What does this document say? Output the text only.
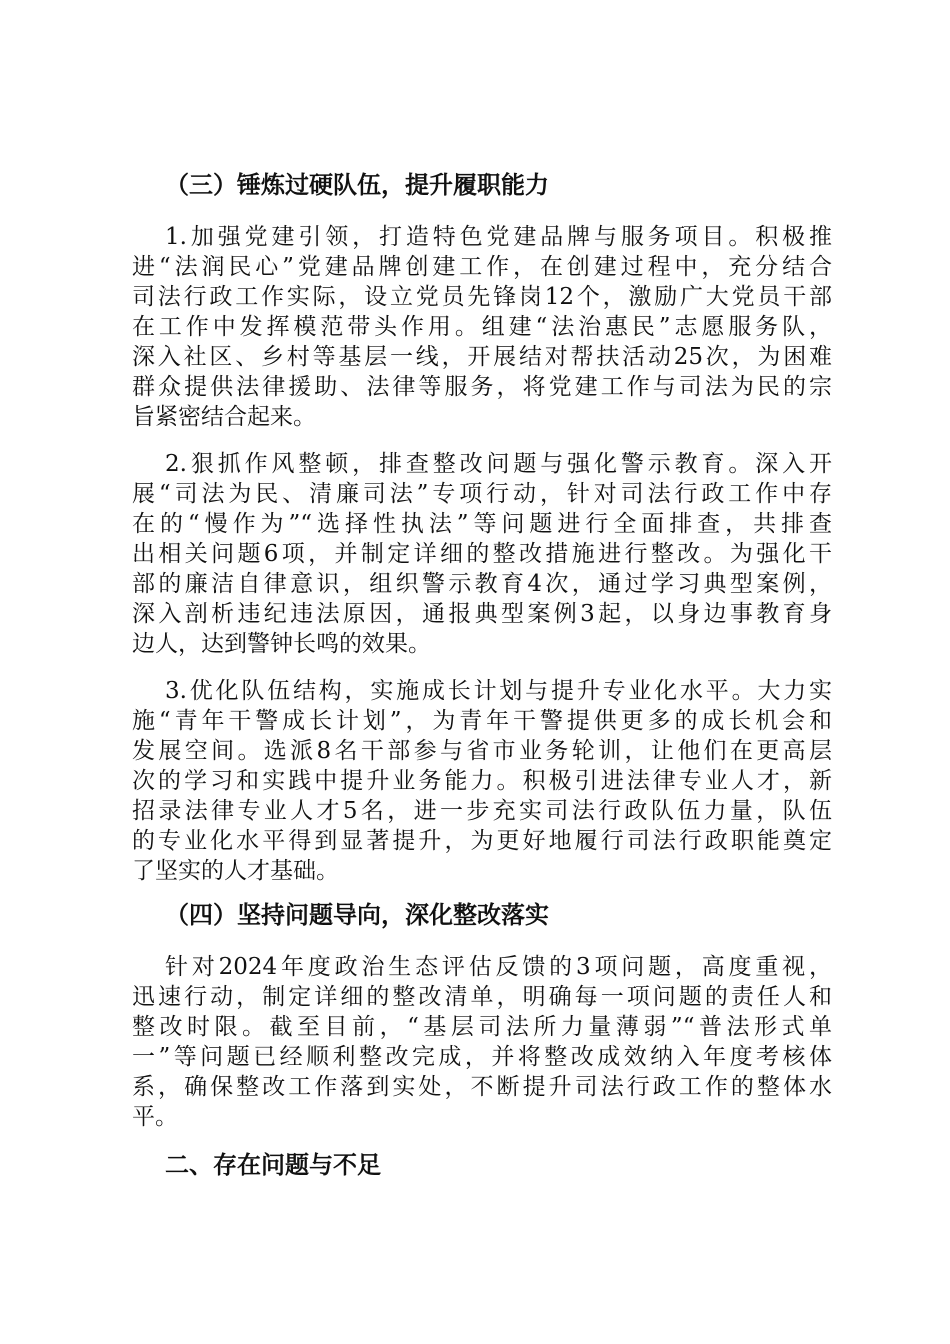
（三）锤炼过硬队伍，提升履职能力
1.加强党建引领，打造特色党建品牌与服务项目。积极推
进“法润民心”党建品牌创建工作，在创建过程中，充分结合
司法行政工作实际，设立党员先锋岗12个，激励广大党员干部
在工作中发挥模范带头作用。组建“法治惠民”志愿服务队，
深入社区、乡村等基层一线，开展结对帮扶活动25次，为困难
群众提供法律援助、法律等服务，将党建工作与司法为民的宗
旨紧密结合起来。
2.狠抓作风整顿，排查整改问题与强化警示教育。深入开
展“司法为民、清廉司法”专项行动，针对司法行政工作中存
在的“慢作为”“选择性执法”等问题进行全面排查，共排查
出相关问题6项，并制定详细的整改措施进行整改。为强化干
部的廉洁自律意识，组织警示教育4次，通过学习典型案例，
深入剖析违纪违法原因，通报典型案例3起，以身边事教育身
边人，达到警钟长鸣的效果。
3.优化队伍结构，实施成长计划与提升专业化水平。大力实
施“青年干警成长计划”，为青年干警提供更多的成长机会和
发展空间。选派8名干部参与省市业务轮训，让他们在更高层
次的学习和实践中提升业务能力。积极引进法律专业人才，新
招录法律专业人才5名，进一步充实司法行政队伍力量，队伍
的专业化水平得到显著提升，为更好地履行司法行政职能奠定
了坚实的人才基础。
（四）坚持问题导向，深化整改落实
针对2024年度政治生态评估反馈的3项问题，高度重视，
迅速行动，制定详细的整改清单，明确每一项问题的责任人和
整改时限。截至目前，“基层司法所力量薄弱”“普法形式单
一”等问题已经顺利整改完成，并将整改成效纳入年度考核体
系，确保整改工作落到实处，不断提升司法行政工作的整体水
平。
二、存在问题与不足
